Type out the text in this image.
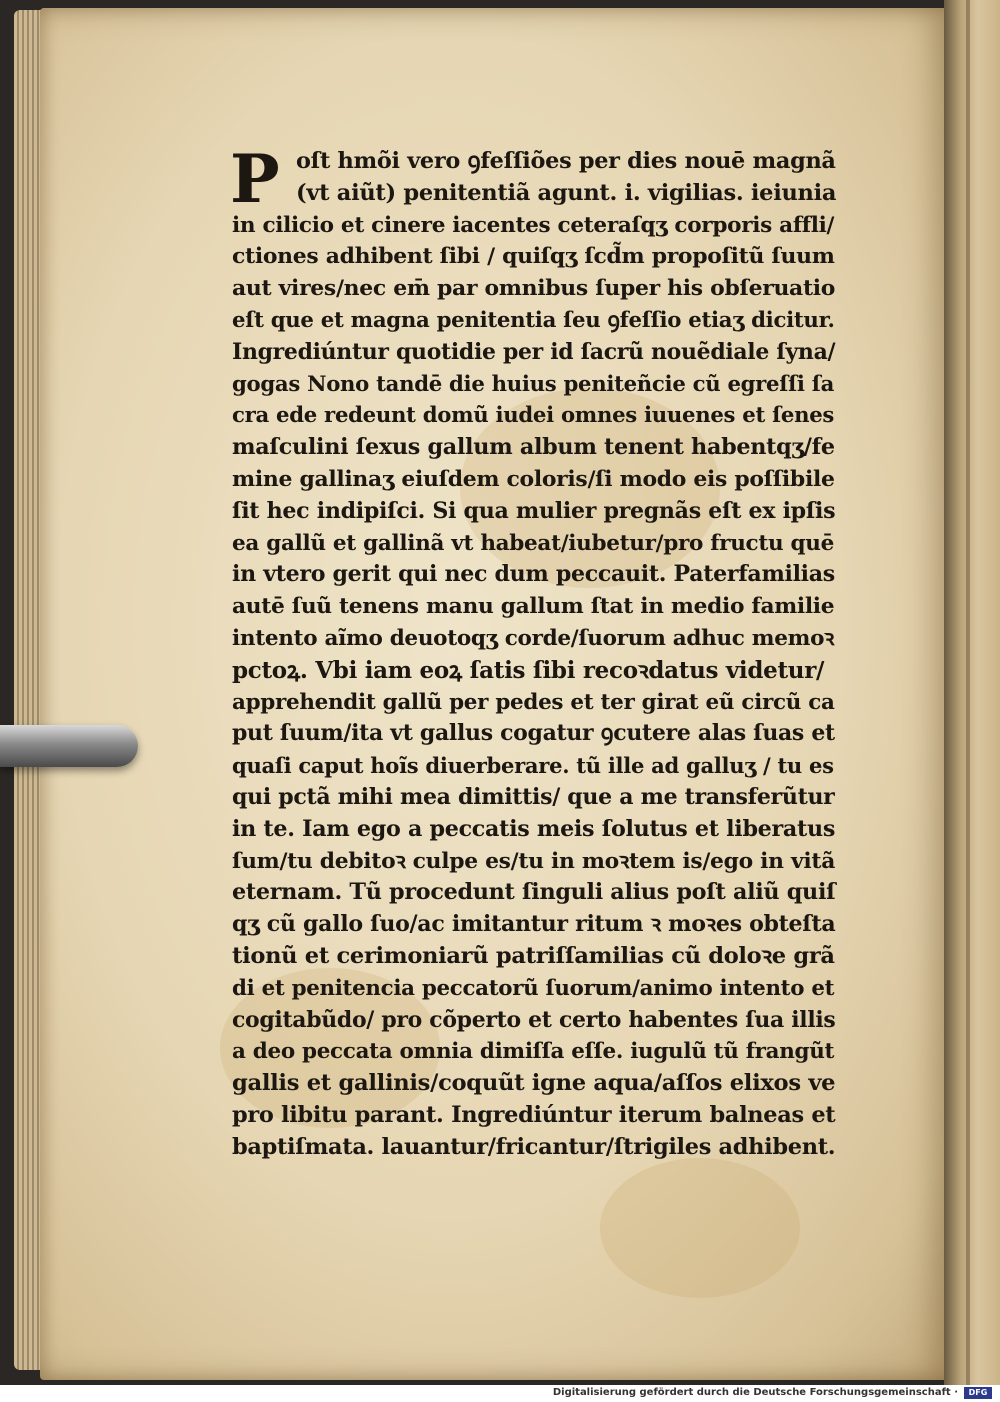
P oſt hmõi vero ꝯfeſſiões per dies nouē magnã
(vt aiũt) penitentiã agunt. i. vigilias. ieiunia
in cilicio et cinere iacentes ceteraſqʒ corporis affli/
ctiones adhibent ſibi / quiſqʒ ſcd̃m propoſitũ ſuum
aut vires/nec em̄ par omnibus ſuper his obſeruatio
eſt que et magna penitentia ſeu ꝯfeſſio etiaʒ dicitur.
Ingrediúntur quotidie per id ſacrũ nouẽdiale ſyna/
gogas Nono tandē die huius peniteñcie cũ egreſſi ſa
cra ede redeunt domũ iudei omnes iuuenes et ſenes
maſculini ſexus gallum album tenent habentqʒ/fe
mine gallinaʒ eiuſdem coloris/ſi modo eis poſſibile
ſit hec indipiſci. Si qua mulier pregnãs eſt ex ipſis
ea gallũ et gallinã vt habeat/iubetur/pro fructu quē
in vtero gerit qui nec dum peccauit. Paterfamilias
autē ſuũ tenens manu gallum ſtat in medio familie
intento aĩmo deuotoqʒ corde/ſuorum adhuc memoꝛ
pctoꝝ. Vbi iam eoꝝ ſatis ſibi recoꝛdatus videtur/
apprehendit gallũ per pedes et ter girat eũ circũ ca
put ſuum/ita vt gallus cogatur ꝯcutere alas ſuas et
quaſi caput hoĩs diuerberare. tũ ille ad galluʒ / tu es
qui pctã mihi mea dimittis/ que a me transferũtur
in te. Iam ego a peccatis meis ſolutus et liberatus
ſum/tu debitoꝛ culpe es/tu in moꝛtem is/ego in vitã
eternam. Tũ procedunt ſinguli alius poſt aliũ quiſ
qʒ cũ gallo ſuo/ac imitantur ritum ꝛ moꝛes obteſta
tionũ et cerimoniarũ patriſſamilias cũ doloꝛe grã
di et penitencia peccatorũ ſuorum/animo intento et
cogitabũdo/ pro cõperto et certo habentes ſua illis
a deo peccata omnia dimiſſa eſſe. iugulũ tũ frangũt
gallis et gallinis/coquũt igne aqua/aſſos elixos ve
pro libitu parant. Ingrediúntur iterum balneas et
baptiſmata. lauantur/fricantur/ſtrigiles adhibent.
Digitalisierung gefördert durch die Deutsche Forschungsgemeinschaft ·	DFG
